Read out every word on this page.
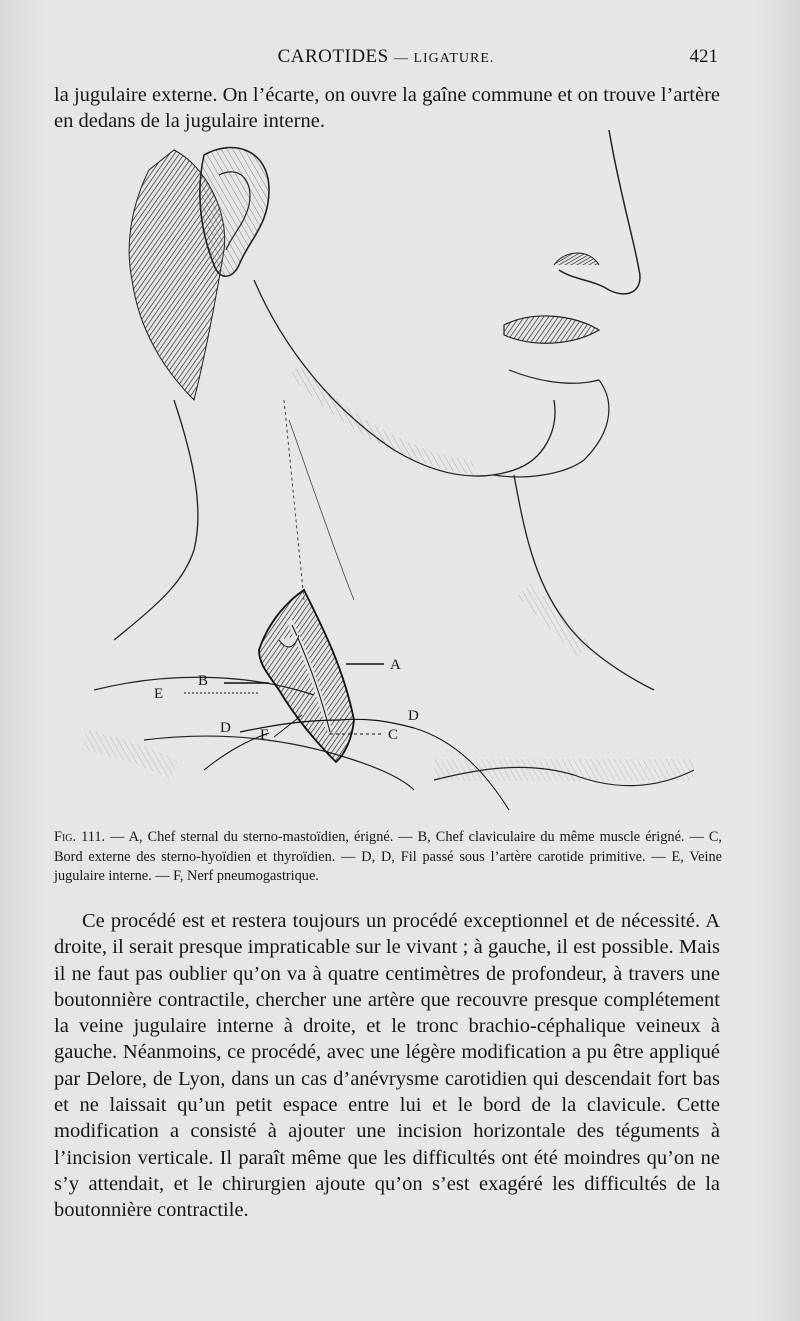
CAROTIDES — LIGATURE.	421

la jugulaire externe. On l’écarte, on ouvre la gaîne commune et on trouve l’artère en dedans de la jugulaire interne.

A
B
E
D
D
F	C

Fig. 111. — A, Chef sternal du sterno-mastoïdien, érigné. — B, Chef claviculaire du même muscle érigné. — C, Bord externe des sterno-hyoïdien et thyroïdien. — D, D, Fil passé sous l’artère carotide primitive. — E, Veine jugulaire interne. — F, Nerf pneumogastrique.

Ce procédé est et restera toujours un procédé exceptionnel et de nécessité. A droite, il serait presque impraticable sur le vivant ; à gauche, il est possible. Mais il ne faut pas oublier qu’on va à quatre centimètres de profondeur, à travers une boutonnière contractile, chercher une artère que recouvre presque complétement la veine jugulaire interne à droite, et le tronc brachio-céphalique veineux à gauche. Néanmoins, ce procédé, avec une légère modification a pu être appliqué par Delore, de Lyon, dans un cas d’anévrysme carotidien qui descendait fort bas et ne laissait qu’un petit espace entre lui et le bord de la clavicule. Cette modification a consisté à ajouter une incision horizontale des téguments à l’incision verticale. Il paraît même que les difficultés ont été moindres qu’on ne s’y attendait, et le chirurgien ajoute qu’on s’est exagéré les difficultés de la boutonnière contractile.
